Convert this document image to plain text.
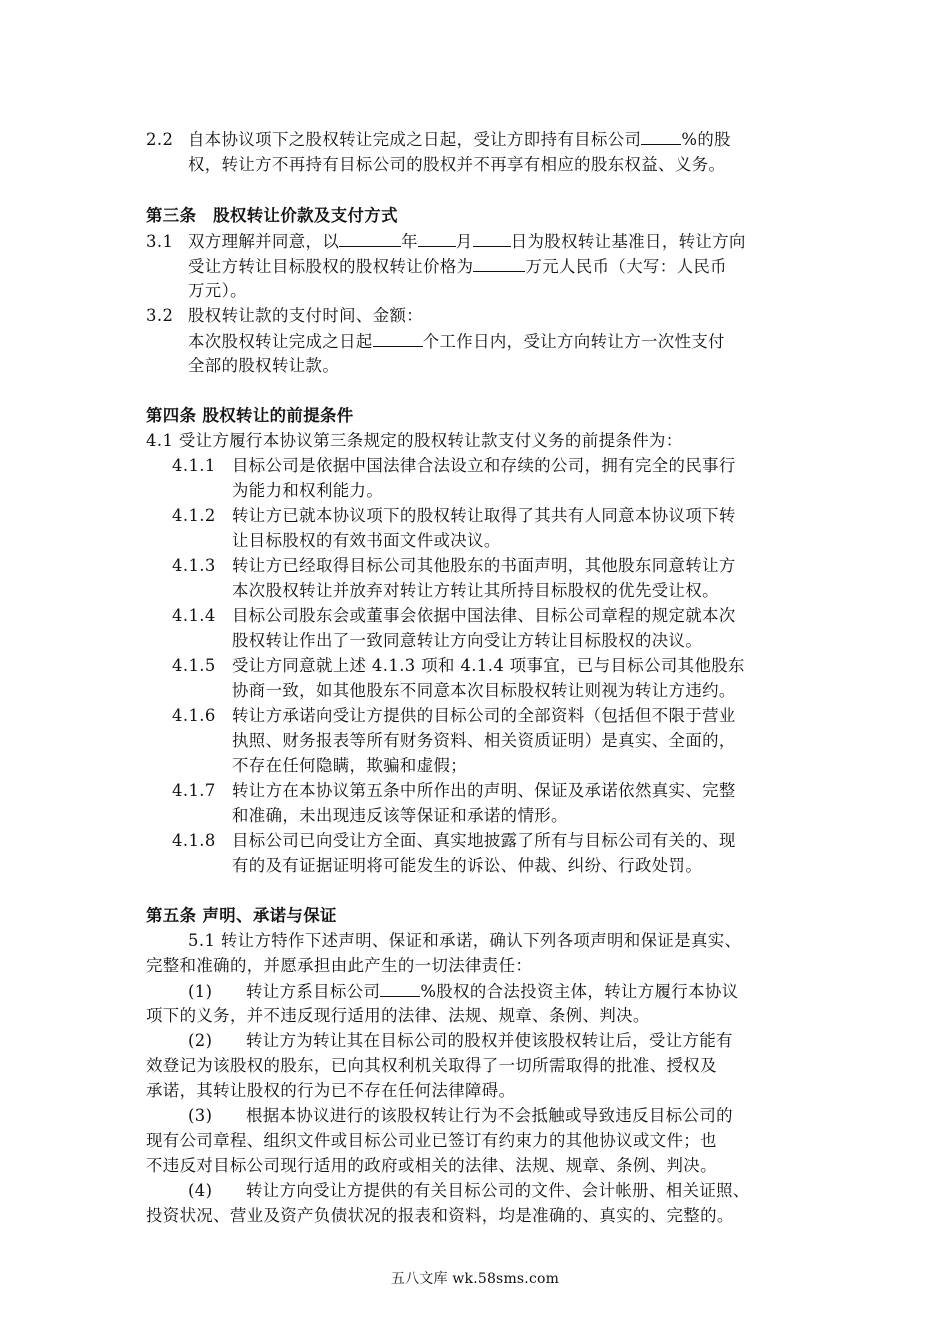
2.2 自本协议项下之股权转让完成之日起，受让方即持有目标公司 %的股
权，转让方不再持有目标公司的股权并不再享有相应的股东权益、义务。
第三条　股权转让价款及支付方式
3.1 双方理解并同意，以	年 月 日为股权转让基准日，转让方向
受让方转让目标股权的股权转让价格为	万元人民币（大写：人民币
万元）。
3.2 股权转让款的支付时间、金额：
本次股权转让完成之日起	个工作日内，受让方向转让方一次性支付
全部的股权转让款。
第四条 股权转让的前提条件
4.1 受让方履行本协议第三条规定的股权转让款支付义务的前提条件为：
4.1.1 目标公司是依据中国法律合法设立和存续的公司，拥有完全的民事行
为能力和权利能力。
4.1.2 转让方已就本协议项下的股权转让取得了其共有人同意本协议项下转
让目标股权的有效书面文件或决议。
4.1.3 转让方已经取得目标公司其他股东的书面声明，其他股东同意转让方
本次股权转让并放弃对转让方转让其所持目标股权的优先受让权。
4.1.4 目标公司股东会或董事会依据中国法律、目标公司章程的规定就本次
股权转让作出了一致同意转让方向受让方转让目标股权的决议。
4.1.5 受让方同意就上述 4.1.3 项和 4.1.4 项事宜，已与目标公司其他股东
协商一致，如其他股东不同意本次目标股权转让则视为转让方违约。
4.1.6 转让方承诺向受让方提供的目标公司的全部资料（包括但不限于营业
执照、财务报表等所有财务资料、相关资质证明）是真实、全面的，
不存在任何隐瞒，欺骗和虚假；
4.1.7 转让方在本协议第五条中所作出的声明、保证及承诺依然真实、完整
和准确，未出现违反该等保证和承诺的情形。
4.1.8 目标公司已向受让方全面、真实地披露了所有与目标公司有关的、现
有的及有证据证明将可能发生的诉讼、仲裁、纠纷、行政处罚。
第五条 声明、承诺与保证
5.1 转让方特作下述声明、保证和承诺，确认下列各项声明和保证是真实、
完整和准确的，并愿承担由此产生的一切法律责任：
(1) 转让方系目标公司 %股权的合法投资主体，转让方履行本协议
项下的义务，并不违反现行适用的法律、法规、规章、条例、判决。
(2) 转让方为转让其在目标公司的股权并使该股权转让后，受让方能有
效登记为该股权的股东，已向其权利机关取得了一切所需取得的批准、授权及
承诺，其转让股权的行为已不存在任何法律障碍。
(3) 根据本协议进行的该股权转让行为不会抵触或导致违反目标公司的
现有公司章程、组织文件或目标公司业已签订有约束力的其他协议或文件；也
不违反对目标公司现行适用的政府或相关的法律、法规、规章、条例、判决。
(4) 转让方向受让方提供的有关目标公司的文件、会计帐册、相关证照、
投资状况、营业及资产负债状况的报表和资料，均是准确的、真实的、完整的。
五八文库 wk.58sms.com
